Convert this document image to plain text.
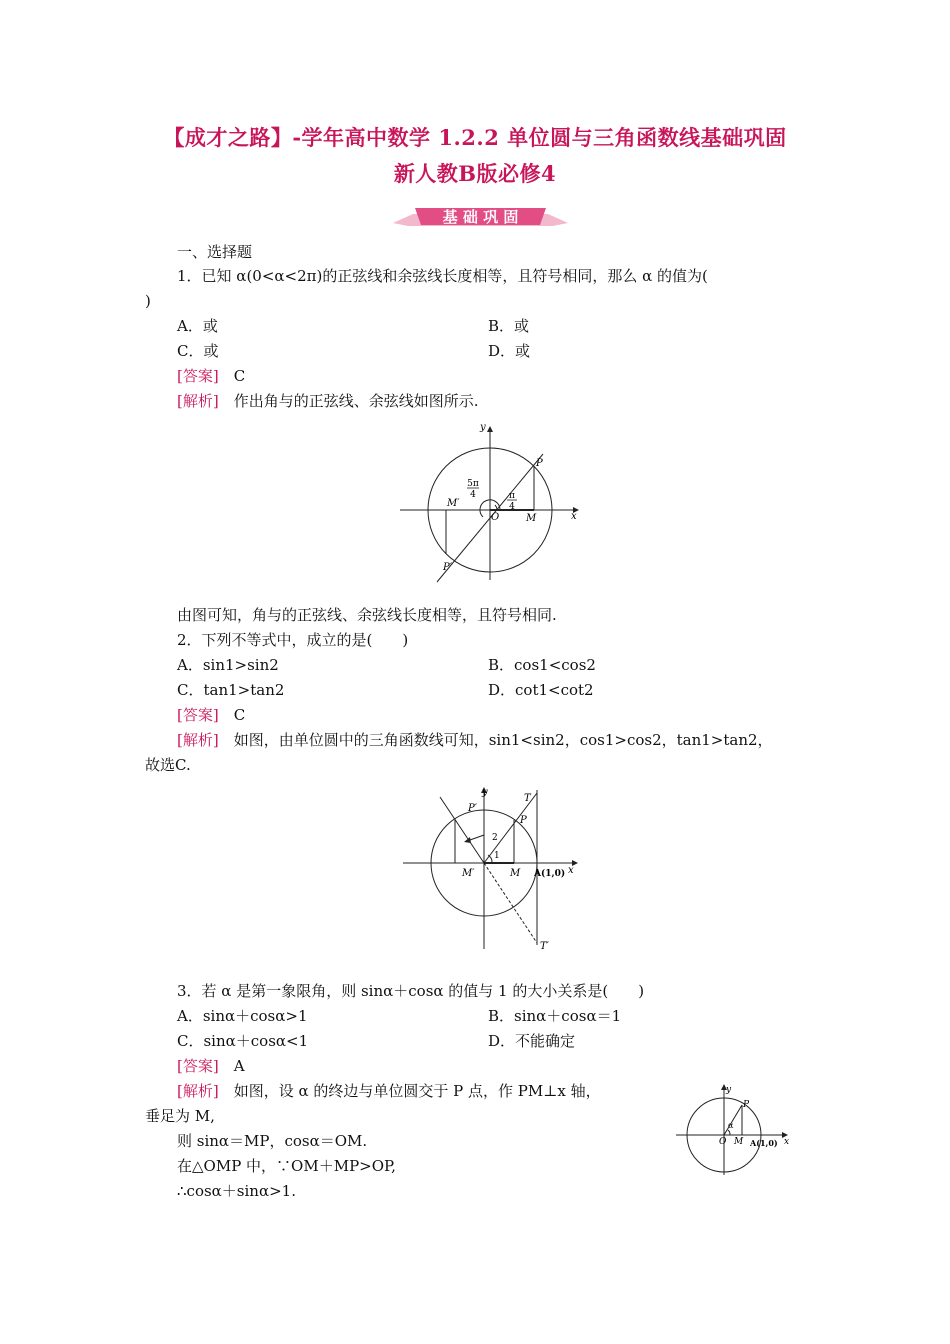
【成才之路】-学年高中数学 1.2.2 单位圆与三角函数线基础巩固
新人教B版必修4
基 础 巩 固
一、选择题
1．已知 α(0<α<2π)的正弦线和余弦线长度相等，且符号相同，那么 α 的值为(
)
A．或	B．或
C．或	D．或
[答案]　 C
[解析]　 作出角与的正弦线、余弦线如图所示.
y
x
P
P′
M
M′
O
5π
4	π
4
由图可知，角与的正弦线、余弦线长度相等，且符号相同.
2．下列不等式中，成立的是(　　)
A．sin1>sin2	B．cos1<cos2
C．tan1>tan2	D．cot1<cot2
[答案]　 C
[解析]　 如图，由单位圆中的三角函数线可知，sin1<sin2，cos1>cos2，tan1>tan2，
故选C.
y
x
T
T′
P
P′
M
M′	A(1,0)
1
2
3．若 α 是第一象限角，则 sinα＋cosα 的值与 1 的大小关系是(　　)
A．sinα＋cosα>1	B．sinα＋cosα＝1
C．sinα＋cosα<1	D．不能确定
[答案]　 A
[解析]　 如图，设 α 的终边与单位圆交于 P 点，作 PM⊥x 轴，
垂足为 M,
则 sinα＝MP，cosα＝OM.
在△OMP 中，∵OM＋MP>OP,
∴cosα＋sinα>1.
y
x
P
O M
α
A(1,0)
